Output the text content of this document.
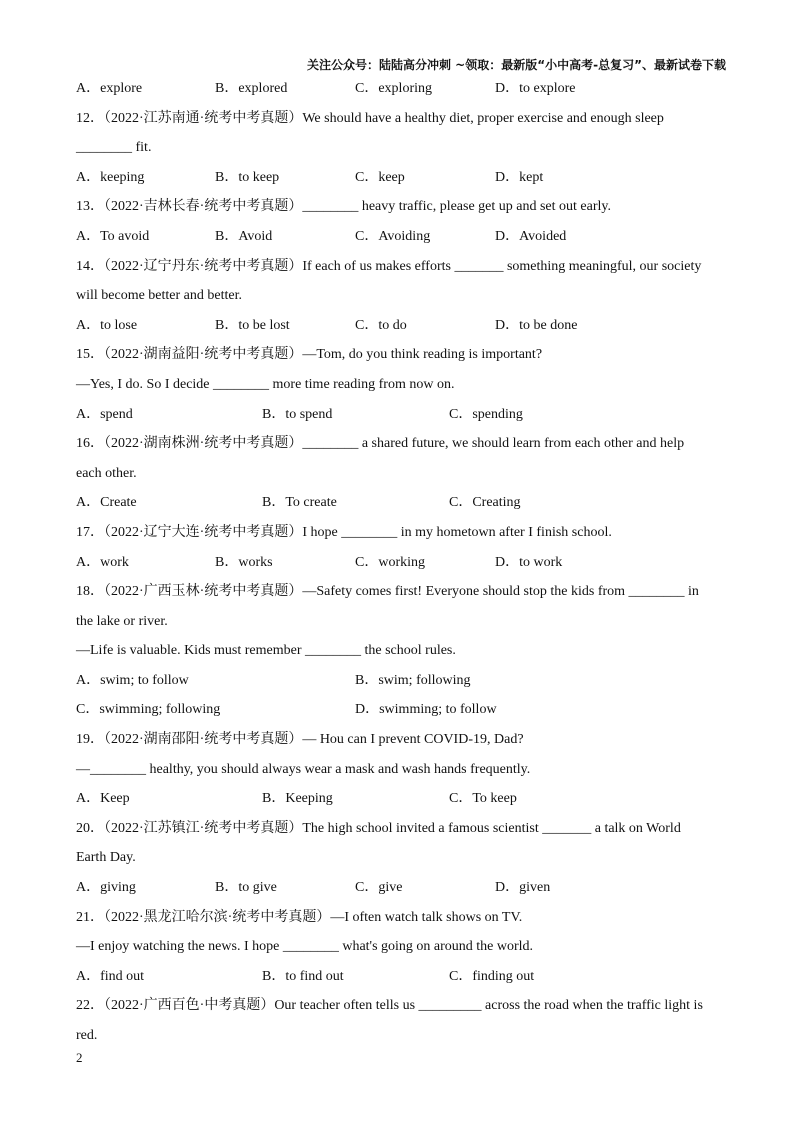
关注公众号：陆陆高分冲刺 ~领取：最新版“小中高考-总复习”、最新试卷下载
A．explore	B．explored	C．exploring	D．to explore
12．（2022·江苏南通·统考中考真题）We should have a healthy diet, proper exercise and enough sleep
________ fit.
A．keeping	B．to keep	C．keep	D．kept
13．（2022·吉林长春·统考中考真题）________ heavy traffic, please get up and set out early.
A．To avoid	B．Avoid	C．Avoiding	D．Avoided
14．（2022·辽宁丹东·统考中考真题）If each of us makes efforts _______ something meaningful, our society
will become better and better.
A．to lose	B．to be lost	C．to do	D．to be done
15．（2022·湖南益阳·统考中考真题）—Tom, do you think reading is important?
—Yes, I do. So I decide ________ more time reading from now on.
A．spend	B．to spend	C．spending
16．（2022·湖南株洲·统考中考真题）________ a shared future, we should learn from each other and help
each other.
A．Create	B．To create	C．Creating
17．（2022·辽宁大连·统考中考真题）I hope ________ in my hometown after I finish school.
A．work	B．works	C．working	D．to work
18．（2022·广西玉林·统考中考真题）—Safety comes first! Everyone should stop the kids from ________ in
the lake or river.
—Life is valuable. Kids must remember ________ the school rules.
A．swim; to follow	B．swim; following
C．swimming; following	D．swimming; to follow
19．（2022·湖南邵阳·统考中考真题）— Hou can I prevent COVID-19, Dad?
—________ healthy, you should always wear a mask and wash hands frequently.
A．Keep	B．Keeping	C．To keep
20．（2022·江苏镇江·统考中考真题）The high school invited a famous scientist _______ a talk on World
Earth Day.
A．giving	B．to give	C．give	D．given
21．（2022·黑龙江哈尔滨·统考中考真题）—I often watch talk shows on TV.
—I enjoy watching the news. I hope ________ what's going on around the world.
A．find out	B．to find out	C．finding out
22．（2022·广西百色·中考真题）Our teacher often tells us _________ across the road when the traffic light is
red.
2
